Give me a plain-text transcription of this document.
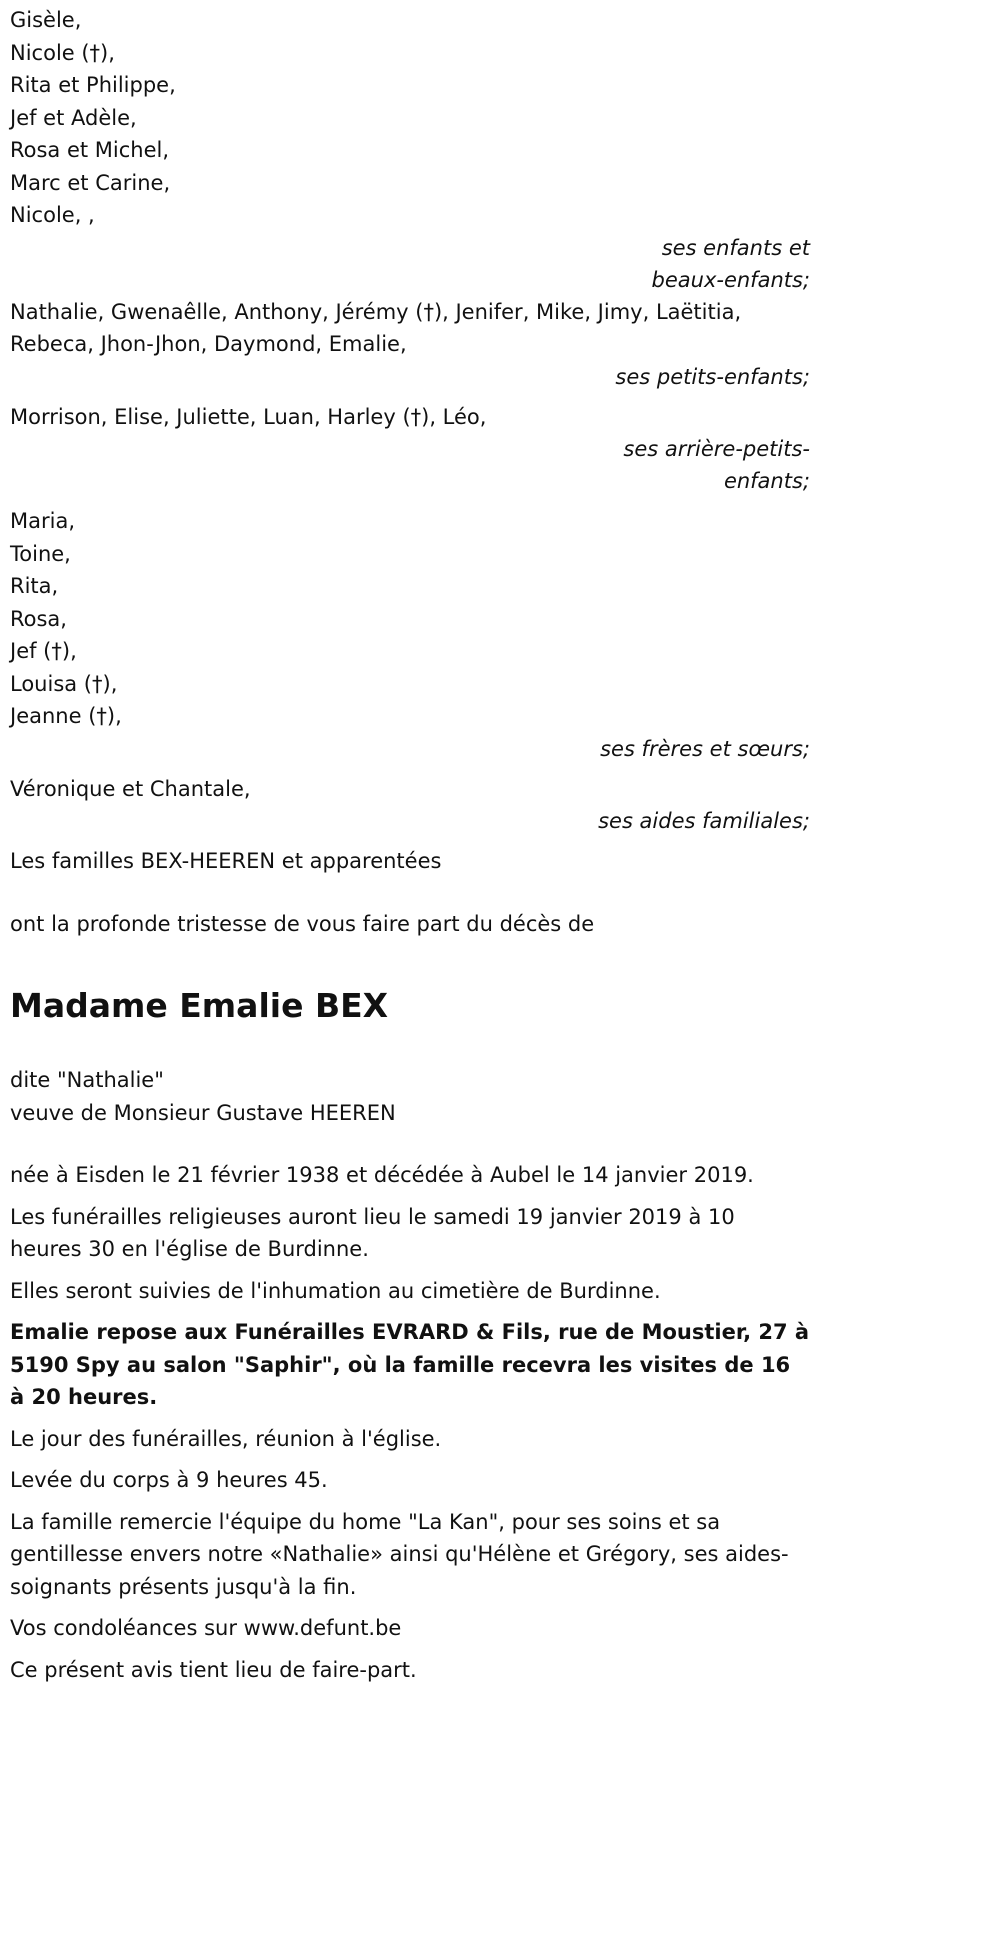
Gisèle,
Nicole (†),
Rita et Philippe,
Jef et Adèle,
Rosa et Michel,
Marc et Carine,
Nicole, ,
ses enfants et
beaux-enfants;
Nathalie, Gwenaêlle, Anthony, Jérémy (†), Jenifer, Mike, Jimy, Laëtitia,
Rebeca, Jhon-Jhon, Daymond, Emalie,
ses petits-enfants;
Morrison, Elise, Juliette, Luan, Harley (†), Léo,
ses arrière-petits-
enfants;
Maria,
Toine,
Rita,
Rosa,
Jef (†),
Louisa (†),
Jeanne (†),
ses frères et sœurs;
Véronique et Chantale,
ses aides familiales;
Les familles BEX-HEEREN et apparentées
ont la profonde tristesse de vous faire part du décès de
Madame Emalie BEX
dite "Nathalie"
veuve de Monsieur Gustave HEEREN
née à Eisden le 21 février 1938 et décédée à Aubel le 14 janvier 2019.
Les funérailles religieuses auront lieu le samedi 19 janvier 2019 à 10 heures 30 en l'église de Burdinne.
Elles seront suivies de l'inhumation au cimetière de Burdinne.
Emalie repose aux Funérailles EVRARD & Fils, rue de Moustier, 27 à 5190 Spy au salon "Saphir", où la famille recevra les visites de 16 à 20 heures.
Le jour des funérailles, réunion à l'église.
Levée du corps à 9 heures 45.
La famille remercie l'équipe du home "La Kan", pour ses soins et sa gentillesse envers notre «Nathalie» ainsi qu'Hélène et Grégory, ses aides-soignants présents jusqu'à la fin.
Vos condoléances sur www.defunt.be
Ce présent avis tient lieu de faire-part.
